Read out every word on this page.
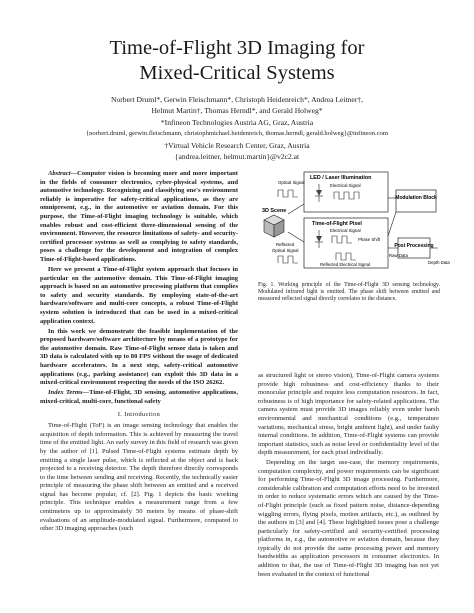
Time-of-Flight 3D Imaging for
Mixed-Critical Systems
Norbert Druml*, Gerwin Fleischmann*, Christoph Heidenreich*, Andrea Leitner†,
Helmut Martin†, Thomas Herndl*, and Gerald Holweg*
*Infineon Technologies Austria AG, Graz, Austria
{norbert.druml, gerwin.fleischmann, christophmichael.heidenreich, thomas.herndl, gerald.holweg}@infineon.com
†Virtual Vehicle Research Center, Graz, Austria
{andrea.leitner, helmut.martin}@v2c2.at

Abstract—Computer vision is becoming more and more important in the fields of consumer electronics, cyber-physical systems, and automotive technology. Recognizing and classifying one's environment reliably is imperative for safety-critical applications, as they are omnipresent, e.g., in the automotive or aviation domain. For this purpose, the Time-of-Flight imaging technology is suitable, which enables robust and cost-efficient three-dimensional sensing of the environment. However, the resource limitations of safety- and security-certified processor systems as well as complying to safety standards, poses a challenge for the development and integration of complex Time-of-Flight-based applications.

Here we present a Time-of-Flight system approach that focuses in particular on the automotive domain. This Time-of-Flight imaging approach is based on an automotive processing platform that complies to safety and security standards. By employing state-of-the-art hardware/software and multi-core concepts, a robust Time-of-Flight system solution is introduced that can be used in a mixed-critical application context.

In this work we demonstrate the feasible implementation of the proposed hardware/software architecture by means of a prototype for the automotive domain. Raw Time-of-Flight sensor data is taken and 3D data is calculated with up to 80 FPS without the usage of dedicated hardware accelerators. In a next step, safety-critical automotive applications (e.g., parking assistance) can exploit this 3D data in a mixed-critical environment respecting the needs of the ISO 26262.

Index Terms—Time-of-Flight, 3D sensing, automotive applications, mixed-critical, multi-core, functional safety

I. Introduction

Time-of-Flight (ToF) is an image sensing technology that enables the acquisition of depth information. This is achieved by measuring the travel time of the emitted light. An early survey in this field of research was given by the author of [1]. Pulsed Time-of-Flight systems estimate depth by emitting a single laser pulse, which is reflected at the object and is back projected to a receiving detector. The depth therefore directly corresponds to the time between sending and receiving. Recently, the technically easier principle of measuring the phase shift between an emitted and a received signal has become popular, cf. [2]. Fig. 1 depicts the basic working principle. This technique enables a measurement range from a few centimeters up to approximately 50 meters by means of phase-shift evaluations of an amplitude-modulated signal. Furthermore, compared to other 3D imaging approaches (such

3D Scene
LED / Laser Illumination
Electrical Signal
Modulation Block
Optical Signal
Time-of-Flight Pixel
Electrical Signal
Phase Shift
Reflected Electrical Signal
Reflected
Optical Signal
Raw Data
Post Processing
Depth Data
Fig. 1. Working principle of the Time-of-Flight 3D sensing technology. Modulated infrared light is emitted. The phase shift between emitted and measured reflected signal directly correlates to the distance.

as structured light or stereo vision), Time-of-Flight camera systems provide high robustness and cost-efficiency thanks to their monocular principle and require less computation resources. In fact, robustness is of high importance for safety-related applications. The camera system must provide 3D images reliably even under harsh environmental and mechanical conditions (e.g., temperature variations, mechanical stress, bright ambient light), and under faulty internal conditions. In addition, Time-of-Flight systems can provide important statistics, such as noise level or confidentiality level of the depth measurement, for each pixel individually.

Depending on the target use-case, the memory requirements, computation complexity, and power requirements can be significant for performing Time-of-Flight 3D image processing. Furthermore, considerable calibration and computation efforts need to be invested in order to reduce systematic errors which are caused by the Time-of-Flight principle (such as fixed pattern noise, distance-depending wiggling errors, flying pixels, motion artifacts, etc.), as outlined by the authors in [3] and [4]. These highlighted issues pose a challenge particularly for safety-certified and security-certified processing platforms in, e.g., the automotive or aviation domain, because they typically do not provide the same processing power and memory bandwidths as application processors in consumer electronics. In addition to that, the use of Time-of-Flight 3D imaging has not yet been evaluated in the context of functional
